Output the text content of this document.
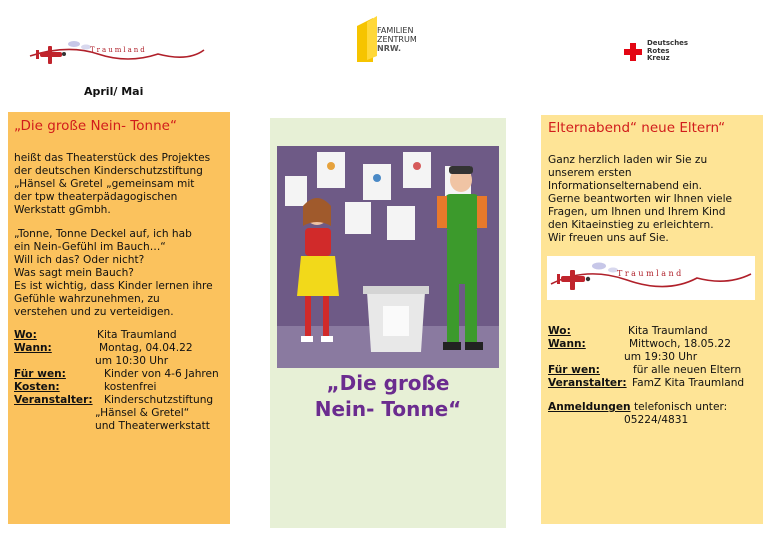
Traumland
FAMILIEN
ZENTRUM
NRW.
Deutsches
Rotes
Kreuz
April/ Mai
„Die große Nein- Tonne“
heißt das Theaterstück des Projektes
der deutschen Kinderschutzstiftung
„Hänsel & Gretel „gemeinsam mit
der tpw theaterpädagogischen
Werkstatt gGmbh.
„Tonne, Tonne Deckel auf, ich hab
ein Nein-Gefühl im Bauch…“
Will ich das? Oder nicht?
Was sagt mein Bauch?
Es ist wichtig, dass Kinder lernen ihre
Gefühle wahrzunehmen, zu
verstehen und zu verteidigen.
Wo:	Kita Traumland
Wann:	Montag, 04.04.22
um 10:30 Uhr
Für wen:	Kinder von 4-6 Jahren
Kosten:	kostenfrei
Veranstalter: Kinderschutzstiftung
„Hänsel & Gretel“
und Theaterwerkstatt
„Die große
Nein- Tonne“
Elternabend“ neue Eltern“
Ganz herzlich laden wir Sie zu
unserem ersten
Informationselternabend ein.
Gerne beantworten wir Ihnen viele
Fragen, um Ihnen und Ihrem Kind
den Kitaeinstieg zu erleichtern.
Wir freuen uns auf Sie.
Traumland
Wo:	Kita Traumland
Wann:	Mittwoch, 18.05.22
um 19:30 Uhr
Für wen:	für alle neuen Eltern
Veranstalter: FamZ Kita Traumland
Anmeldungen telefonisch unter:
05224/4831
